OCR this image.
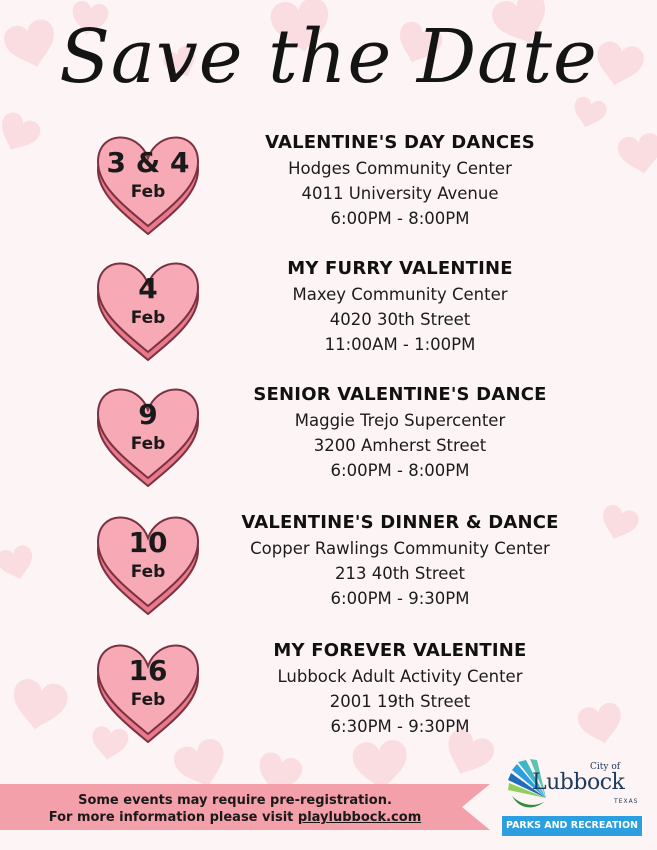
Save the Date
3 & 4
Feb
VALENTINE'S DAY DANCES
Hodges Community Center
4011 University Avenue
6:00PM - 8:00PM
4
Feb
MY FURRY VALENTINE
Maxey Community Center
4020 30th Street
11:00AM - 1:00PM
9
Feb
SENIOR VALENTINE'S DANCE
Maggie Trejo Supercenter
3200 Amherst Street
6:00PM - 8:00PM
10
Feb
VALENTINE'S DINNER & DANCE
Copper Rawlings Community Center
213 40th Street
6:00PM - 9:30PM
16
Feb
MY FOREVER VALENTINE
Lubbock Adult Activity Center
2001 19th Street
6:30PM - 9:30PM
Some events may require pre-registration.
For more information please visit playlubbock.com
City of
Lubbock
TEXAS
PARKS AND RECREATION
